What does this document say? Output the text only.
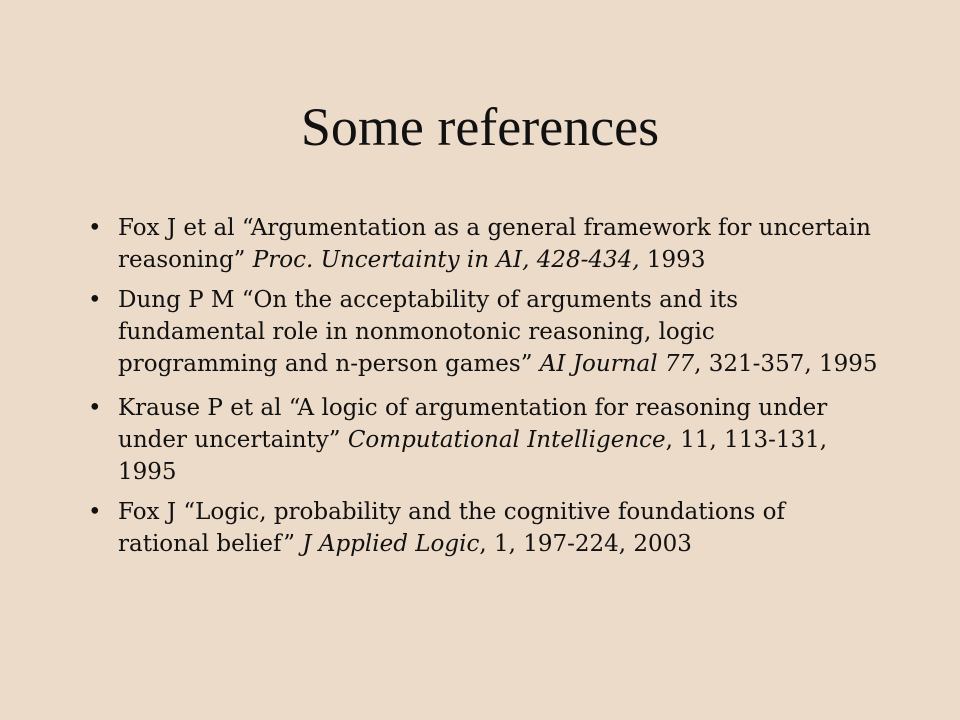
Some references
• Fox J et al “Argumentation as a general framework for uncertain reasoning” Proc. Uncertainty in AI, 428-434, 1993
• Dung P M “On the acceptability of arguments and its fundamental role in nonmonotonic reasoning, logic programming and n-person games” AI Journal 77, 321-357, 1995
• Krause P et al “A logic of argumentation for reasoning under under uncertainty” Computational Intelligence, 11, 113-131, 1995
• Fox J “Logic, probability and the cognitive foundations of rational belief” J Applied Logic, 1, 197-224, 2003
